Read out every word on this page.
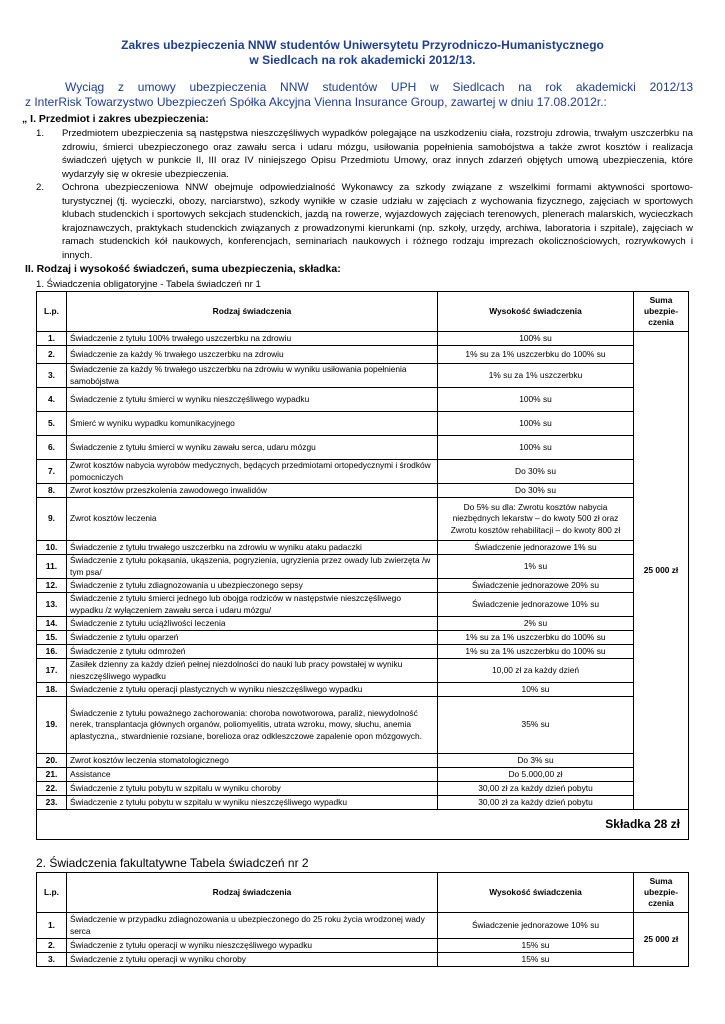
Zakres ubezpieczenia NNW studentów Uniwersytetu Przyrodniczo-Humanistycznego
w Siedlcach na rok akademicki 2012/13.
Wyciąg z umowy ubezpieczenia NNW studentów UPH w Siedlcach na rok akademicki 2012/13
z InterRisk Towarzystwo Ubezpieczeń Spółka Akcyjna Vienna Insurance Group, zawartej w dniu 17.08.2012r.:
„ I. Przedmiot i zakres ubezpieczenia:
1. Przedmiotem ubezpieczenia są następstwa nieszczęśliwych wypadków polegające na uszkodzeniu ciała, rozstroju zdrowia, trwałym uszczerbku na zdrowiu, śmierci ubezpieczonego oraz zawału serca i udaru mózgu, usiłowania popełnienia samobójstwa a także zwrot kosztów i realizacja świadczeń ujętych w punkcie II, III oraz IV niniejszego Opisu Przedmiotu Umowy, oraz innych zdarzeń objętych umową ubezpieczenia, które wydarzyły się w okresie ubezpieczenia.
2. Ochrona ubezpieczeniowa NNW obejmuje odpowiedzialność Wykonawcy za szkody związane z wszelkimi formami aktywności sportowo-turystycznej (tj. wycieczki, obozy, narciarstwo), szkody wynikłe w czasie udziału w zajęciach z wychowania fizycznego, zajęciach w sportowych klubach studenckich i sportowych sekcjach studenckich, jazdą na rowerze, wyjazdowych zajęciach terenowych, plenerach malarskich, wycieczkach krajoznawczych, praktykach studenckich związanych z prowadzonymi kierunkami (np. szkoły, urzędy, archiwa, laboratoria i szpitale), zajęciach w ramach studenckich kół naukowych, konferencjach, seminariach naukowych i różnego rodzaju imprezach okolicznościowych, rozrywkowych i innych.
II. Rodzaj i wysokość świadczeń, suma ubezpieczenia, składka:
1. Świadczenia obligatoryjne - Tabela świadczeń nr 1
L.p.	Rodzaj świadczenia	Wysokość świadczenia	Suma ubezpie-czenia
1.	Świadczenie z tytułu 100% trwałego uszczerbku na zdrowiu	100% su	25 000 zł
2.	Świadczenie za każdy % trwałego uszczerbku na zdrowiu	1% su za 1% uszczerbku do 100% su	
3.	Świadczenie za każdy % trwałego uszczerbku na zdrowiu w wyniku usiłowania popełnienia samobójstwa	1% su za 1% uszczerbku	
4.	Świadczenie z tytułu śmierci w wyniku nieszczęśliwego wypadku	100% su	
5.	Śmierć w wyniku wypadku komunikacyjnego	100% su	
6.	Świadczenie z tytułu śmierci w wyniku zawału serca, udaru mózgu	100% su	
7.	Zwrot kosztów nabycia wyrobów medycznych, będących przedmiotami ortopedycznymi i środków pomocniczych	Do 30% su	
8.	Zwrot kosztów przeszkolenia zawodowego inwalidów	Do 30% su	
9.	Zwrot kosztów leczenia	Do 5% su dla: Zwrotu kosztów nabycia niezbędnych lekarstw – do kwoty 500 zł oraz Zwrotu kosztów rehabilitacji – do kwoty 800 zł	
10.	Świadczenie z tytułu trwałego uszczerbku na zdrowiu w wyniku ataku padaczki	Świadczenie jednorazowe 1% su	
11.	Świadczenie z tytułu pokąsania, ukąszenia, pogryzienia, ugryzienia przez owady lub zwierzęta /w tym psa/	1% su	
12.	Świadczenie z tytułu zdiagnozowania u ubezpieczonego sepsy	Świadczenie jednorazowe 20% su	
13.	Świadczenie z tytułu śmierci jednego lub obojga rodziców w następstwie nieszczęśliwego wypadku /z wyłączeniem zawału serca i udaru mózgu/	Świadczenie jednorazowe 10% su	
14.	Świadczenie z tytułu uciążliwości leczenia	2% su	
15.	Świadczenie z tytułu oparzeń	1% su za 1% uszczerbku do 100% su	
16.	Świadczenie z tytułu odmrożeń	1% su za 1% uszczerbku do 100% su	
17.	Zasiłek dzienny za każdy dzień pełnej niezdolności do nauki lub pracy powstałej w wyniku nieszczęśliwego wypadku	10,00 zł za każdy dzień	
18.	Świadczenie z tytułu operacji plastycznych w wyniku nieszczęśliwego wypadku	10% su	
19.	Świadczenie z tytułu poważnego zachorowania: choroba nowotworowa, paraliż, niewydolność nerek, transplantacja głównych organów, poliomyelitis, utrata wzroku, mowy, słuchu, anemia aplastyczna,, stwardnienie rozsiane, borelioza oraz odkleszczowe zapalenie opon mózgowych.	35% su	
20.	Zwrot kosztów leczenia stomatologicznego	Do 3% su	
21.	Assistance	Do 5.000,00 zł	
22.	Świadczenie z tytułu pobytu w szpitalu w wyniku choroby	30,00 zł za każdy dzień pobytu	
23.	Świadczenie z tytułu pobytu w szpitalu w wyniku nieszczęśliwego wypadku	30,00 zł za każdy dzień pobytu	
Składka 28 zł			
2. Świadczenia fakultatywne Tabela świadczeń nr 2
L.p.	Rodzaj świadczenia	Wysokość świadczenia	Suma ubezpie-czenia
1.	Świadczenie w przypadku zdiagnozowania u ubezpieczonego do 25 roku życia wrodzonej wady serca	Świadczenie jednorazowe 10% su	25 000 zł
2.	Świadczenie z tytułu operacji w wyniku nieszczęśliwego wypadku	15% su	
3.	Świadczenie z tytułu operacji w wyniku choroby	15% su	
